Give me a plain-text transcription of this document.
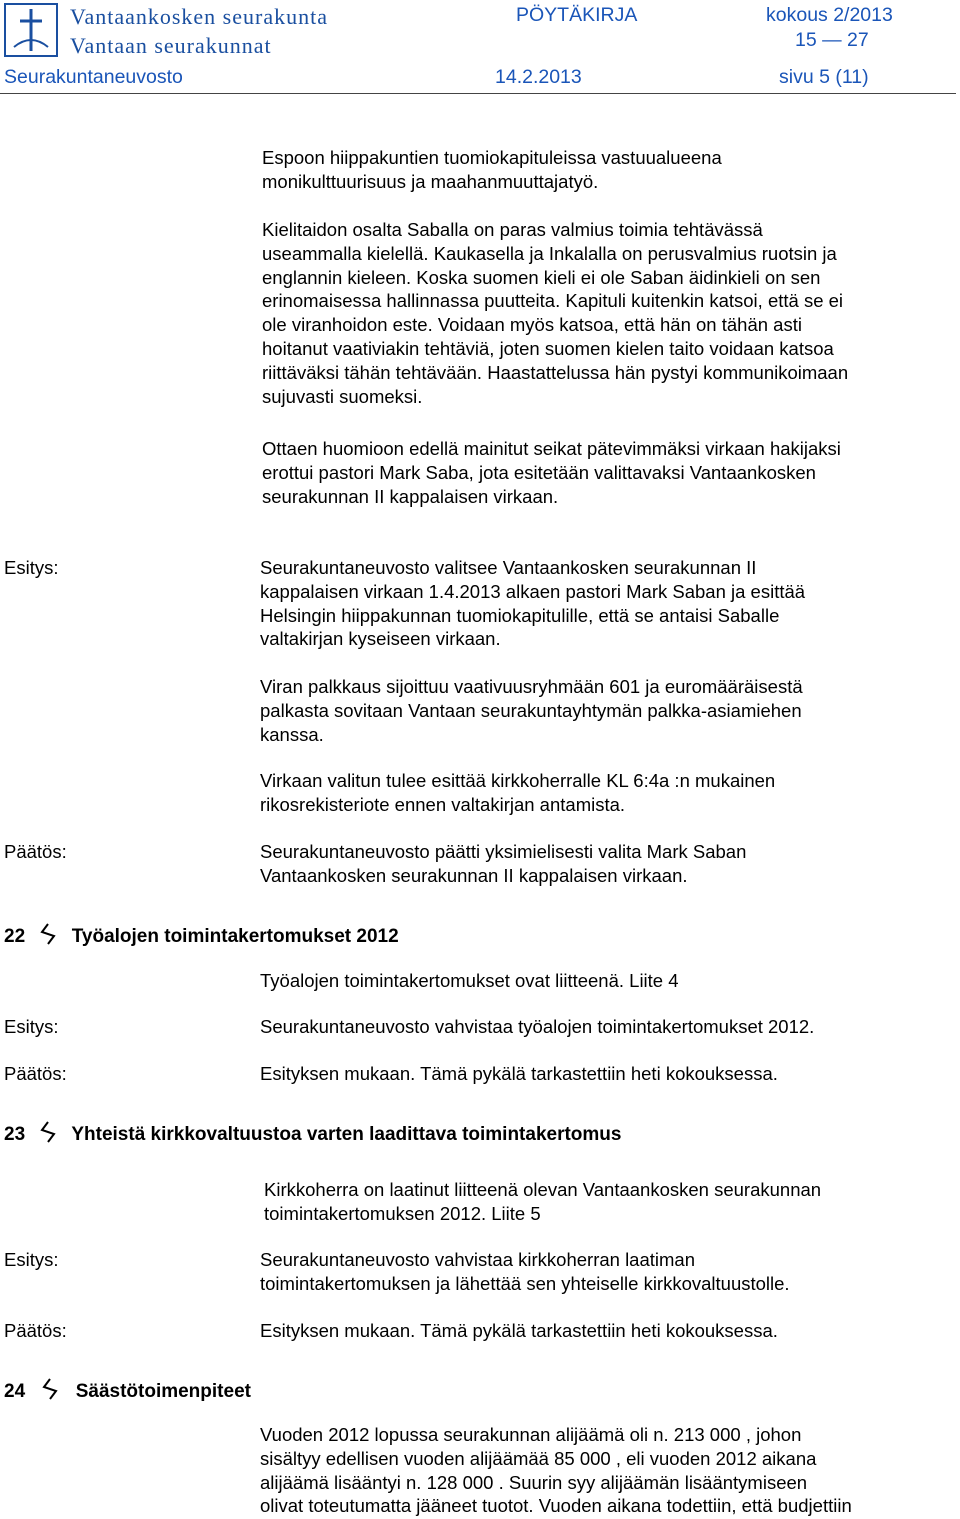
Vantaankosken seurakunta
Vantaan seurakunnat
PÖYTÄKIRJA	kokous 2/2013
15 — 27
Seurakuntaneuvosto	14.2.2013	sivu 5 (11)
Espoon hiippakuntien tuomiokapituleissa vastuualueena
monikulttuurisuus ja maahanmuuttajatyö.
Kielitaidon osalta Saballa on paras valmius toimia tehtävässä
useammalla kielellä. Kaukasella ja Inkalalla on perusvalmius ruotsin ja
englannin kieleen. Koska suomen kieli ei ole Saban äidinkieli on sen
erinomaisessa hallinnassa puutteita. Kapituli kuitenkin katsoi, että se ei
ole viranhoidon este. Voidaan myös katsoa, että hän on tähän asti
hoitanut vaativiakin tehtäviä, joten suomen kielen taito voidaan katsoa
riittäväksi tähän tehtävään. Haastattelussa hän pystyi kommunikoimaan
sujuvasti suomeksi.
Ottaen huomioon edellä mainitut seikat pätevimmäksi virkaan hakijaksi
erottui pastori Mark Saba, jota esitetään valittavaksi Vantaankosken
seurakunnan II kappalaisen virkaan.
Esitys:	Seurakuntaneuvosto valitsee Vantaankosken seurakunnan II
kappalaisen virkaan 1.4.2013 alkaen pastori Mark Saban ja esittää
Helsingin hiippakunnan tuomiokapitulille, että se antaisi Saballe
valtakirjan kyseiseen virkaan.
Viran palkkaus sijoittuu vaativuusryhmään 601 ja euromääräisestä
palkasta sovitaan Vantaan seurakuntayhtymän palkka-asiamiehen
kanssa.
Virkaan valitun tulee esittää kirkkoherralle KL 6:4a :n mukainen
rikosrekisteriote ennen valtakirjan antamista.
Päätös:	Seurakuntaneuvosto päätti yksimielisesti valita Mark Saban
Vantaankosken seurakunnan II kappalaisen virkaan.
22 Työalojen toimintakertomukset 2012
Työalojen toimintakertomukset ovat liitteenä. Liite 4
Esitys:	Seurakuntaneuvosto vahvistaa työalojen toimintakertomukset 2012.
Päätös:	Esityksen mukaan. Tämä pykälä tarkastettiin heti kokouksessa.
23 Yhteistä kirkkovaltuustoa varten laadittava toimintakertomus
Kirkkoherra on laatinut liitteenä olevan Vantaankosken seurakunnan
toimintakertomuksen 2012. Liite 5
Esitys:	Seurakuntaneuvosto vahvistaa kirkkoherran laatiman
toimintakertomuksen ja lähettää sen yhteiselle kirkkovaltuustolle.
Päätös:	Esityksen mukaan. Tämä pykälä tarkastettiin heti kokouksessa.
24	Säästötoimenpiteet
Vuoden 2012 lopussa seurakunnan alijäämä oli n. 213 000 , johon
sisältyy edellisen vuoden alijäämää 85 000 , eli vuoden 2012 aikana
alijäämä lisääntyi n. 128 000 . Suurin syy alijäämän lisääntymiseen
olivat toteutumatta jääneet tuotot. Vuoden aikana todettiin, että budjettiin
